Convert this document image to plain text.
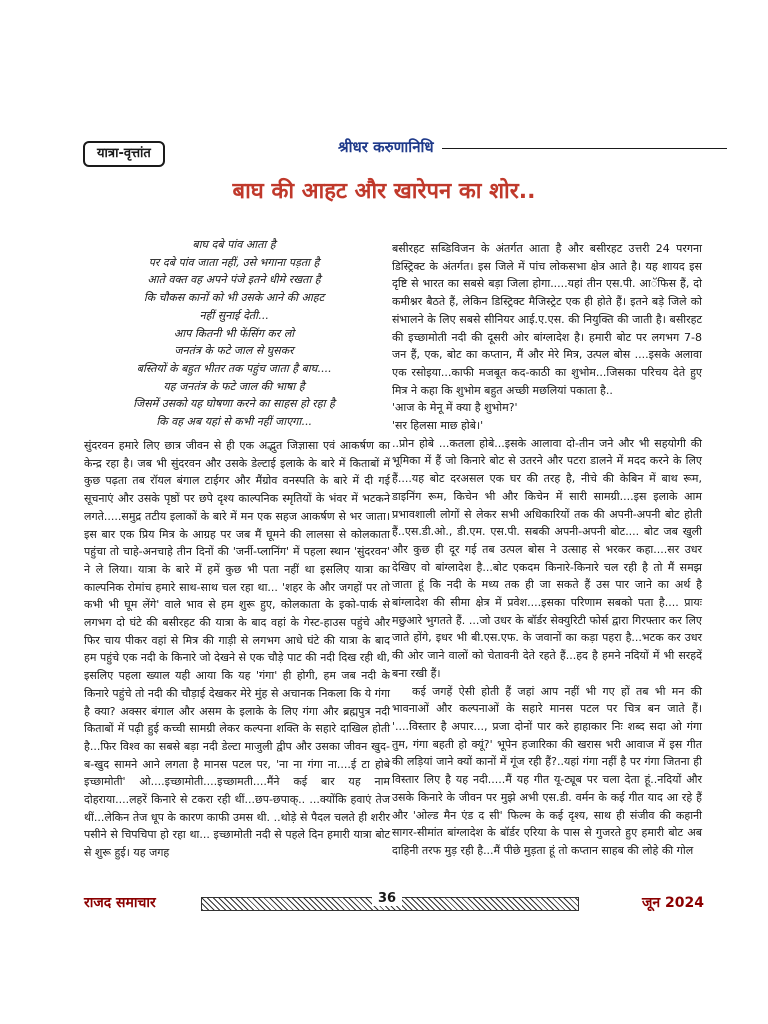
यात्रा-वृत्तांत	श्रीधर करुणानिधि
बाघ की आहट और खारेपन का शोर..
बाघ दबे पांव आता है
पर दबे पांव जाता नहीं, उसे भगाना पड़ता है
आते वक्त वह अपने पंजे इतने धीमे रखता है
कि चौकस कानों को भी उसके आने की आहट
नहीं सुनाई देती...
आप कितनी भी फेंसिंग कर लो
जनतंत्र के फटे जाल से घुसकर
बस्तियों के बहुत भीतर तक पहुंच जाता है बाघ....
यह जनतंत्र के फटे जाल की भाषा है
जिसमें उसको यह घोषणा करने का साहस हो रहा है
कि वह अब यहां से कभी नहीं जाएगा...

सुंदरवन हमारे लिए छात्र जीवन से ही एक अद्भुत जिज्ञासा एवं आकर्षण का केन्द्र रहा है। जब भी सुंदरवन और उसके डेल्टाई इलाके के बारे में किताबों में कुछ पढ़ता तब रॉयल बंगाल टाईगर और मैंग्रोव वनस्पति के बारे में दी गई सूचनाएं और उसके पृष्ठों पर छपे दृश्य काल्पनिक स्मृतियों के भंवर में भटकने लगते.....समुद्र तटीय इलाकों के बारे में मन एक सहज आकर्षण से भर जाता। इस बार एक प्रिय मित्र के आग्रह पर जब मैं घूमने की लालसा से कोलकाता पहुंचा तो चाहे-अनचाहे तीन दिनों की 'जर्नी-प्लानिंग' में पहला स्थान 'सुंदरवन' ने ले लिया। यात्रा के बारे में हमें कुछ भी पता नहीं था इसलिए यात्रा का काल्पनिक रोमांच हमारे साथ-साथ चल रहा था... 'शहर के और जगहों पर तो कभी भी घूम लेंगे' वाले भाव से हम शुरू हुए, कोलकाता के इको-पार्क से लगभग दो घंटे की बसीरहट की यात्रा के बाद वहां के गेस्ट-हाउस पहुंचे और फिर चाय पीकर वहां से मित्र की गाड़ी से लगभग आधे घंटे की यात्रा के बाद हम पहुंचे एक नदी के किनारे जो देखने से एक चौड़े पाट की नदी दिख रही थी, इसलिए पहला ख्याल यही आया कि यह 'गंगा' ही होगी, हम जब नदी के किनारे पहुंचे तो नदी की चौड़ाई देखकर मेरे मुंह से अचानक निकला कि ये गंगा है क्या? अक्सर बंगाल और असम के इलाके के लिए गंगा और ब्रह्मपुत्र नदी किताबों में पढ़ी हुई कच्ची सामग्री लेकर कल्पना शक्ति के सहारे दाखिल होती है...फिर विश्व का सबसे बड़ा नदी डेल्टा माजुली द्वीप और उसका जीवन खुद-ब-खुद सामने आने लगता है मानस पटल पर, 'ना ना गंगा ना....ई टा होबे इच्छामोती' ओ....इच्छामोती....इच्छामती....मैंने कई बार यह नाम दोहराया....लहरें किनारे से टकरा रही थीं...छप-छपाक्.. ...क्योंकि हवाएं तेज थीं...लेकिन तेज धूप के कारण काफी उमस थी. ..थोड़े से पैदल चलते ही शरीर पसीने से चिपचिपा हो रहा था... इच्छामोती नदी से पहले दिन हमारी यात्रा बोट से शुरू हुई। यह जगह

बसीरहट सब्डिविजन के अंतर्गत आता है और बसीरहट उत्तरी 24 परगना डिस्ट्रिक्ट के अंतर्गत। इस जिले में पांच लोकसभा क्षेत्र आते है। यह शायद इस दृष्टि से भारत का सबसे बड़ा जिला होगा.....यहां तीन एस.पी. आॅफिस हैं, दो कमीश्नर बैठते हैं, लेकिन डिस्ट्रिक्ट मैजिस्ट्रेट एक ही होते हैं। इतने बड़े जिले को संभालने के लिए सबसे सीनियर आई.ए.एस. की नियुक्ति की जाती है। बसीरहट की इच्छामोती नदी की दूसरी ओर बांग्लादेश है। हमारी बोट पर लगभग 7-8 जन हैं, एक, बोट का कप्तान, मैं और मेरे मित्र, उत्पल बोस ....इसके अलावा एक रसोइया...काफी मजबूत कद-काठी का शुभोम...जिसका परिचय देते हुए मित्र ने कहा कि शुभोम बहुत अच्छी मछलियां पकाता है..

'आज के मेनू में क्या है शुभोम?'

'सर हिलसा माछ होबे।'

..प्रोन होबे ...कतला होबे...इसके आलावा दो-तीन जने और भी सहयोगी की भूमिका में हैं जो किनारे बोट से उतरने और पटरा डालने में मदद करने के लिए हैं....यह बोट दरअसल एक घर की तरह है, नीचे की केबिन में बाथ रूम, डाइनिंग रूम, किचेन भी और किचेन में सारी सामग्री....इस इलाके आम प्रभावशाली लोगों से लेकर सभी अधिकारियों तक की अपनी-अपनी बोट होती हैं..एस.डी.ओ., डी.एम. एस.पी. सबकी अपनी-अपनी बोट.... बोट जब खुली और कुछ ही दूर गई तब उत्पल बोस ने उत्साह से भरकर कहा....सर उधर देखिए वो बांग्लादेश है...बोट एकदम किनारे-किनारे चल रही है तो मैं समझ जाता हूं कि नदी के मध्य तक ही जा सकते हैं उस पार जाने का अर्थ है बांग्लादेश की सीमा क्षेत्र में प्रवेश....इसका परिणाम सबको पता है.... प्रायः मछुआरे भुगतते हैं. ...जो उधर के बॉर्डर सेक्युरिटी फोर्स द्वारा गिरफ्तार कर लिए जाते होंगे, इधर भी बी.एस.एफ. के जवानों का कड़ा पहरा है...भटक कर उधर की ओर जाने वालों को चेतावनी देते रहते हैं...हद है हमने नदियों में भी सरहदें बना रखी हैं।

कई जगहें ऐसी होती हैं जहां आप नहीं भी गए हों तब भी मन की भावनाओं और कल्पनाओं के सहारे मानस पटल पर चित्र बन जाते हैं। '....विस्तार है अपार..., प्रजा दोनों पार करे हाहाकार निः शब्द सदा ओ गंगा तुम, गंगा बहती हो क्यूं?' भूपेन हजारिका की खरास भरी आवाज में इस गीत की लड़ियां जाने क्यों कानों में गूंज रही हैं?..यहां गंगा नहीं है पर गंगा जितना ही विस्तार लिए है यह नदी.....मैं यह गीत यू-ट्यूब पर चला देता हूं..नदियों और उसके किनारे के जीवन पर मुझे अभी एस.डी. वर्मन के कई गीत याद आ रहे हैं और 'ओल्ड मैन एंड द सी' फिल्म के कई दृश्य, साथ ही संजीव की कहानी सागर-सीमांत बांग्लादेश के बॉर्डर एरिया के पास से गुजरते हुए हमारी बोट अब दाहिनी तरफ मुड़ रही है...मैं पीछे मुड़ता हूं तो कप्तान साहब की लोहे की गोल

राजद समाचार	36	जून 2024
